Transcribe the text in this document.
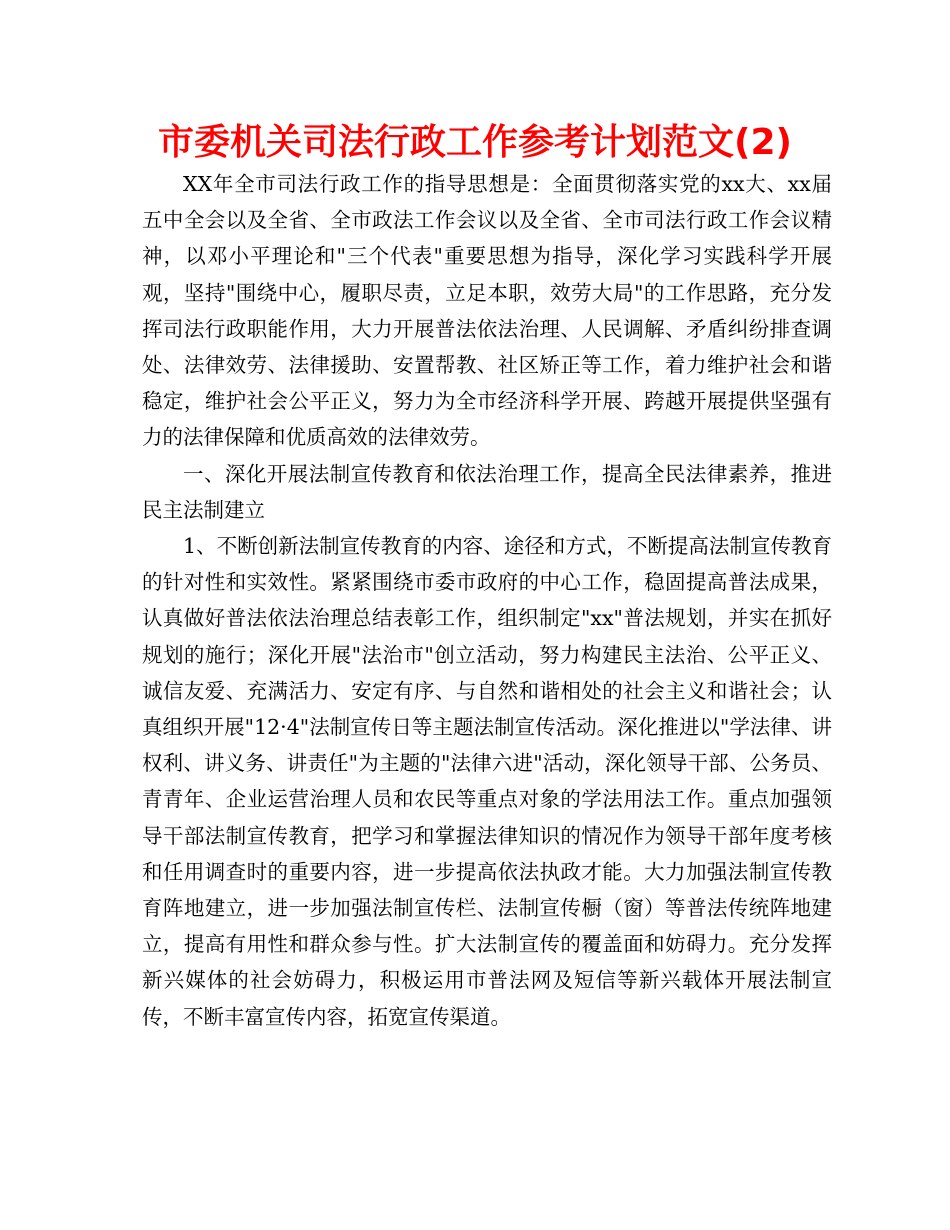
市委机关司法行政工作参考计划范文(2)

XX年全市司法行政工作的指导思想是：全面贯彻落实党的xx大、xx届五中全会以及全省、全市政法工作会议以及全省、全市司法行政工作会议精神，以邓小平理论和"三个代表"重要思想为指导，深化学习实践科学开展观，坚持"围绕中心，履职尽责，立足本职，效劳大局"的工作思路，充分发挥司法行政职能作用，大力开展普法依法治理、人民调解、矛盾纠纷排查调处、法律效劳、法律援助、安置帮教、社区矫正等工作，着力维护社会和谐稳定，维护社会公平正义，努力为全市经济科学开展、跨越开展提供坚强有力的法律保障和优质高效的法律效劳。

一、深化开展法制宣传教育和依法治理工作，提高全民法律素养，推进民主法制建立

1、不断创新法制宣传教育的内容、途径和方式，不断提高法制宣传教育的针对性和实效性。紧紧围绕市委市政府的中心工作，稳固提高普法成果，认真做好普法依法治理总结表彰工作，组织制定"xx"普法规划，并实在抓好规划的施行；深化开展"法治市"创立活动，努力构建民主法治、公平正义、诚信友爱、充满活力、安定有序、与自然和谐相处的社会主义和谐社会；认真组织开展"12·4"法制宣传日等主题法制宣传活动。深化推进以"学法律、讲权利、讲义务、讲责任"为主题的"法律六进"活动，深化领导干部、公务员、青青年、企业运营治理人员和农民等重点对象的学法用法工作。重点加强领导干部法制宣传教育，把学习和掌握法律知识的情况作为领导干部年度考核和任用调查时的重要内容，进一步提高依法执政才能。大力加强法制宣传教育阵地建立，进一步加强法制宣传栏、法制宣传橱（窗）等普法传统阵地建立，提高有用性和群众参与性。扩大法制宣传的覆盖面和妨碍力。充分发挥新兴媒体的社会妨碍力，积极运用市普法网及短信等新兴载体开展法制宣传，不断丰富宣传内容，拓宽宣传渠道。
